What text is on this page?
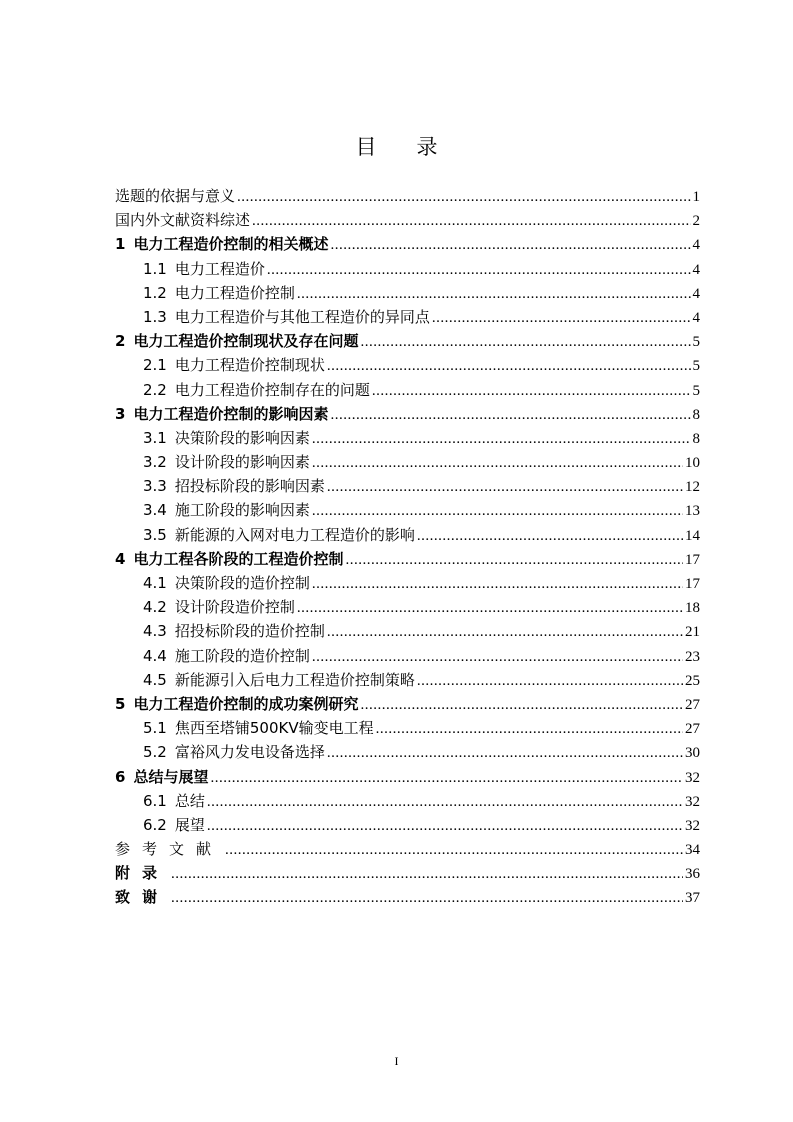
目 录
选题的依据与意义 .....	1
国内外文献资料综述 .....	2
1 电力工程造价控制的相关概述 .....	4
1.1 电力工程造价 .....	4
1.2 电力工程造价控制 .....	4
1.3 电力工程造价与其他工程造价的异同点 .....	4
2 电力工程造价控制现状及存在问题 .....	5
2.1 电力工程造价控制现状 .....	5
2.2 电力工程造价控制存在的问题 .....	5
3 电力工程造价控制的影响因素 .....	8
3.1 决策阶段的影响因素 .....	8
3.2 设计阶段的影响因素 .....	10
3.3 招投标阶段的影响因素 .....	12
3.4 施工阶段的影响因素 .....	13
3.5 新能源的入网对电力工程造价的影响 .....	14
4 电力工程各阶段的工程造价控制 .....	17
4.1 决策阶段的造价控制 .....	17
4.2 设计阶段造价控制 .....	18
4.3 招投标阶段的造价控制 .....	21
4.4 施工阶段的造价控制 .....	23
4.5 新能源引入后电力工程造价控制策略 .....	25
5 电力工程造价控制的成功案例研究 .....	27
5.1 焦西至塔铺500KV输变电工程 .....	27
5.2 富裕风力发电设备选择 .....	30
6 总结与展望 .....	32
6.1 总结 .....	32
6.2 展望 .....	32
参考文献 .....	34
附录 .....	36
致谢 .....	37
I
